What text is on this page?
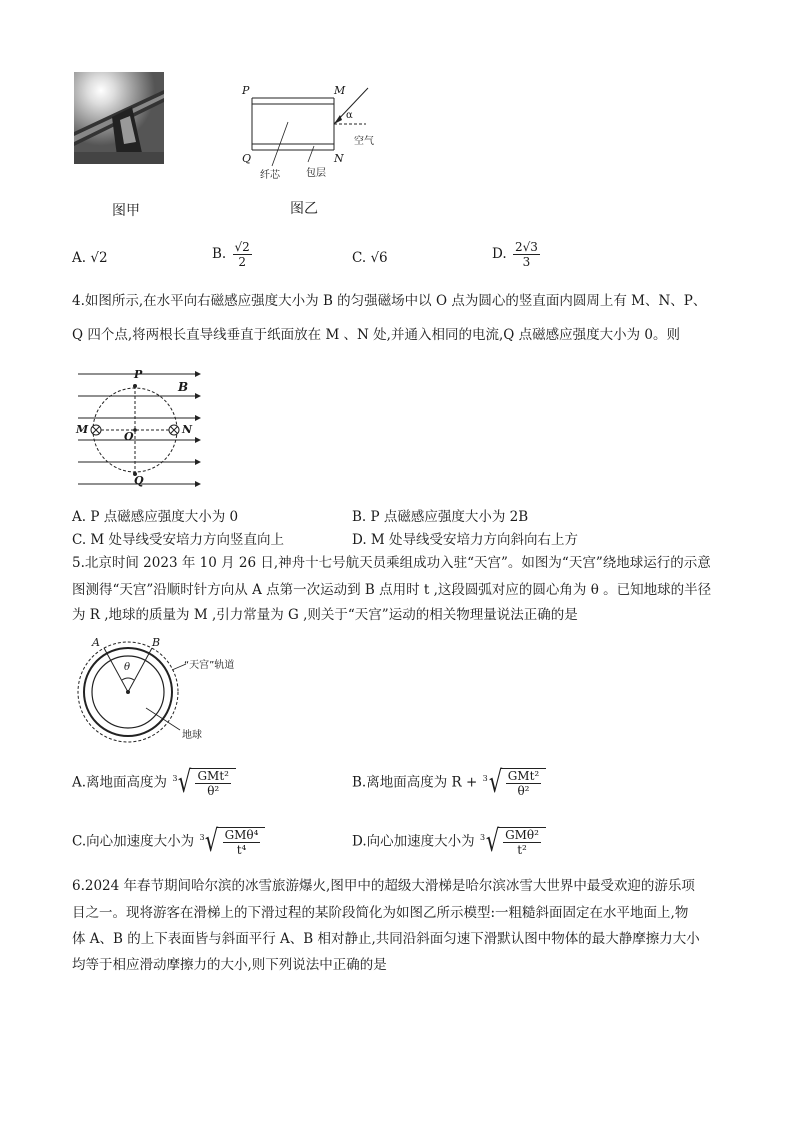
图甲
P	M
Q	N
α
空气
纤芯	包层
图乙
A. √2	B. $\frac{√2}{2}$	C. √6	D. $\frac{2√3}{3}$
4.如图所示,在水平向右磁感应强度大小为 B 的匀强磁场中以 O 点为圆心的竖直面内圆周上有 M、N、P、
Q 四个点,将两根长直导线垂直于纸面放在 M 、N 处,并通入相同的电流,Q 点磁感应强度大小为 0。则
P
B
M
O
N
Q
A. P 点磁感应强度大小为 0	B. P 点磁感应强度大小为 2B
C. M 处导线受安培力方向竖直向上	D. M 处导线受安培力方向斜向右上方
5.北京时间 2023 年 10 月 26 日,神舟十七号航天员乘组成功入驻“天宫”。如图为“天宫”绕地球运行的示意
图测得“天宫”沿顺时针方向从 A 点第一次运动到 B 点用时 t ,这段圆弧对应的圆心角为 θ 。已知地球的半径
为 R ,地球的质量为 M ,引力常量为 G ,则关于“天宫”运动的相关物理量说法正确的是
A	B
θ	“天宫”轨道
地球
A.离地面高度为 3 √ $\frac{\text{GMt²}}{\text{θ²}}$	B.离地面高度为 R + 3 √ $\frac{\text{GMt²}}{\text{θ²}}$
C.向心加速度大小为 3 √ $\frac{\text{GMθ⁴}}{\text{t⁴}}$	D.向心加速度大小为 3 √ $\frac{\text{GMθ²}}{\text{t²}}$
6.2024 年春节期间哈尔滨的冰雪旅游爆火,图甲中的超级大滑梯是哈尔滨冰雪大世界中最受欢迎的游乐项
目之一。现将游客在滑梯上的下滑过程的某阶段简化为如图乙所示模型:一粗糙斜面固定在水平地面上,物
体 A、B 的上下表面皆与斜面平行 A、B 相对静止,共同沿斜面匀速下滑默认图中物体的最大静摩擦力大小
均等于相应滑动摩擦力的大小,则下列说法中正确的是
